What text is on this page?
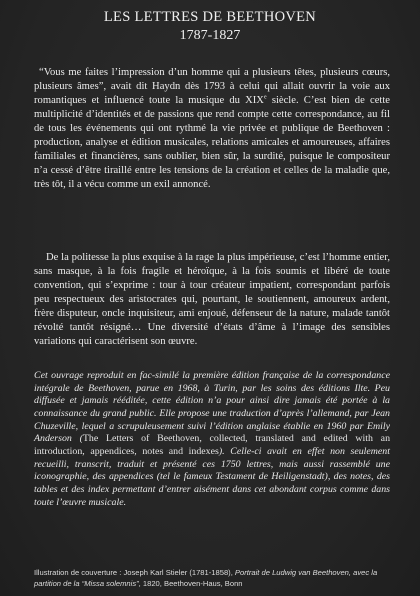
LES LETTRES DE BEETHOVEN
1787-1827

“Vous me faites l’impression d’un homme qui a plusieurs têtes, plusieurs cœurs, plusieurs âmes”, avait dit Haydn dès 1793 à celui qui allait ouvrir la voie aux romantiques et influencé toute la musique du XIXe siècle. C’est bien de cette multiplicité d’identités et de passions que rend compte cette correspondance, au fil de tous les événements qui ont rythmé la vie privée et publique de Beethoven : production, analyse et édition musicales, relations amicales et amoureuses, affaires familiales et financières, sans oublier, bien sûr, la surdité, puisque le compositeur n’a cessé d’être tiraillé entre les tensions de la création et celles de la maladie que, très tôt, il a vécu comme un exil annoncé.

De la politesse la plus exquise à la rage la plus impérieuse, c’est l’homme entier, sans masque, à la fois fragile et héroïque, à la fois soumis et libéré de toute convention, qui s’exprime : tour à tour créateur impatient, correspondant parfois peu respectueux des aristocrates qui, pourtant, le soutiennent, amoureux ardent, frère disputeur, oncle inquisiteur, ami enjoué, défenseur de la nature, malade tantôt révolté tantôt résigné… Une diversité d’états d’âme à l’image des sensibles variations qui caractérisent son œuvre.

Cet ouvrage reproduit en fac-similé la première édition française de la correspondance intégrale de Beethoven, parue en 1968, à Turin, par les soins des éditions Ilte. Peu diffusée et jamais rééditée, cette édition n’a pour ainsi dire jamais été portée à la connaissance du grand public. Elle propose une traduction d’après l’allemand, par Jean Chuzeville, lequel a scrupuleusement suivi l’édition anglaise établie en 1960 par Emily Anderson (The Letters of Beethoven, collected, translated and edited with an introduction, appendices, notes and indexes). Celle-ci avait en effet non seulement recueilli, transcrit, traduit et présenté ces 1750 lettres, mais aussi rassemblé une iconographie, des appendices (tel le fameux Testament de Heiligenstadt), des notes, des tables et des index permettant d’entrer aisément dans cet abondant corpus comme dans toute l’œuvre musicale.

Illustration de couverture : Joseph Karl Stieler (1781-1858), Portrait de Ludwig van Beethoven, avec la partition de la “Missa solemnis”, 1820, Beethoven-Haus, Bonn
